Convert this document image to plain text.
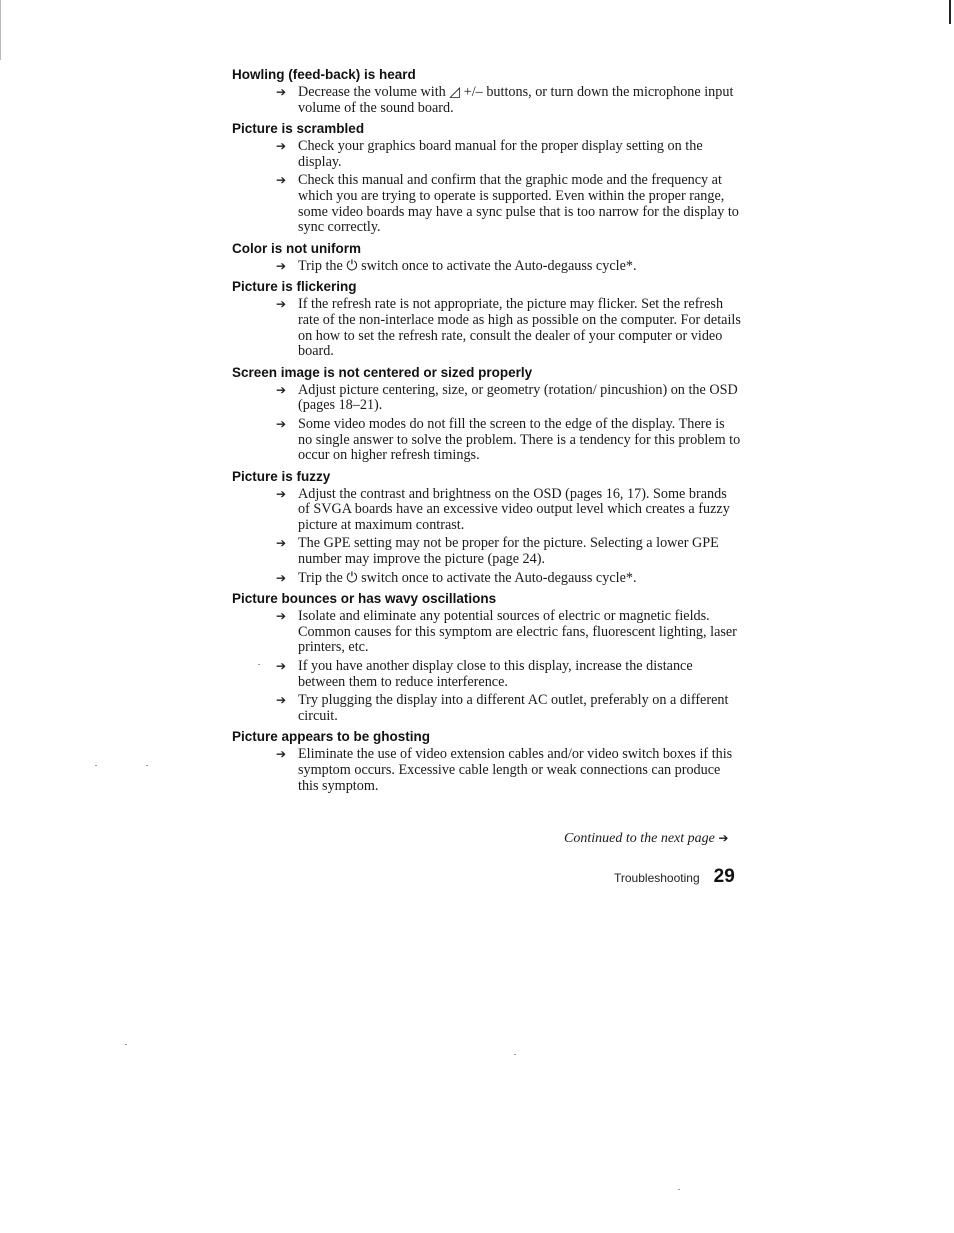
Howling (feed-back) is heard
➔ Decrease the volume with ◿ +/– buttons, or turn down the microphone input volume of the sound board.
Picture is scrambled
➔ Check your graphics board manual for the proper display setting on the display.
➔ Check this manual and confirm that the graphic mode and the frequency at which you are trying to operate is supported. Even within the proper range, some video boards may have a sync pulse that is too narrow for the display to sync correctly.
Color is not uniform
➔ Trip the ⏻ switch once to activate the Auto-degauss cycle*.
Picture is flickering
➔ If the refresh rate is not appropriate, the picture may flicker. Set the refresh rate of the non-interlace mode as high as possible on the computer. For details on how to set the refresh rate, consult the dealer of your computer or video board.
Screen image is not centered or sized properly
➔ Adjust picture centering, size, or geometry (rotation/ pincushion) on the OSD (pages 18–21).
➔ Some video modes do not fill the screen to the edge of the display. There is no single answer to solve the problem. There is a tendency for this problem to occur on higher refresh timings.
Picture is fuzzy
➔ Adjust the contrast and brightness on the OSD (pages 16, 17). Some brands of SVGA boards have an excessive video output level which creates a fuzzy picture at maximum contrast.
➔ The GPE setting may not be proper for the picture. Selecting a lower GPE number may improve the picture (page 24).
➔ Trip the ⏻ switch once to activate the Auto-degauss cycle*.
Picture bounces or has wavy oscillations
➔ Isolate and eliminate any potential sources of electric or magnetic fields. Common causes for this symptom are electric fans, fluorescent lighting, laser printers, etc.
➔ If you have another display close to this display, increase the distance between them to reduce interference.
➔ Try plugging the display into a different AC outlet, preferably on a different circuit.
Picture appears to be ghosting
➔ Eliminate the use of video extension cables and/or video switch boxes if this symptom occurs. Excessive cable length or weak connections can produce this symptom.
Continued to the next page ➔
Troubleshooting 29
